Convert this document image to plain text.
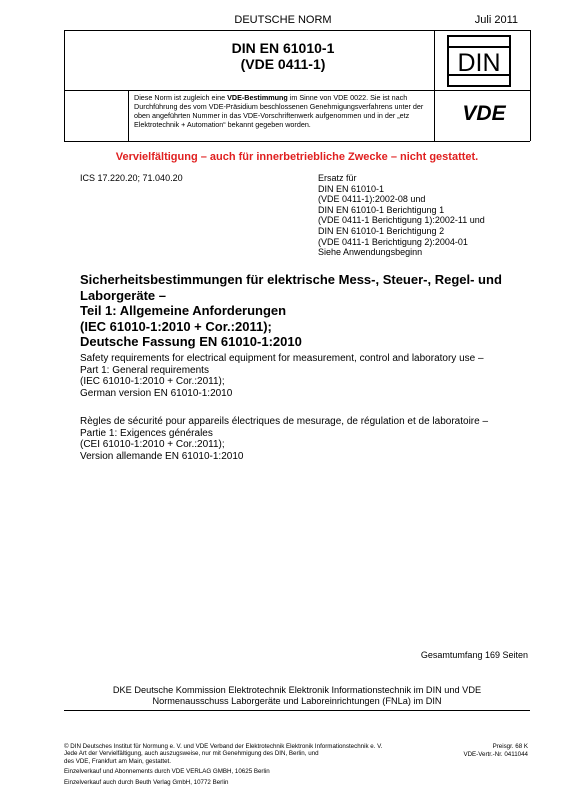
DEUTSCHE NORM	Juli 2011
DIN EN 61010-1
(VDE 0411-1)	DIN
VDE
Diese Norm ist zugleich eine VDE-Bestimmung im Sinne von VDE 0022. Sie ist nach Durchführung des vom VDE-Präsidium beschlossenen Genehmigungsverfahrens unter der oben angeführten Nummer in das VDE-Vorschriftenwerk aufgenommen und in der „etz Elektrotechnik + Automation“ bekannt gegeben worden.
Vervielfältigung – auch für innerbetriebliche Zwecke – nicht gestattet.
ICS 17.220.20; 71.040.20	Ersatz für
DIN EN 61010-1
(VDE 0411-1):2002-08 und
DIN EN 61010-1 Berichtigung 1
(VDE 0411-1 Berichtigung 1):2002-11 und
DIN EN 61010-1 Berichtigung 2
(VDE 0411-1 Berichtigung 2):2004-01
Siehe Anwendungsbeginn
Sicherheitsbestimmungen für elektrische Mess-, Steuer-, Regel- und
Laborgeräte –
Teil 1: Allgemeine Anforderungen
(IEC 61010-1:2010 + Cor.:2011);
Deutsche Fassung EN 61010-1:2010
Safety requirements for electrical equipment for measurement, control and laboratory use –
Part 1: General requirements
(IEC 61010-1:2010 + Cor.:2011);
German version EN 61010-1:2010
Règles de sécurité pour appareils électriques de mesurage, de régulation et de laboratoire –
Partie 1: Exigences générales
(CEI 61010-1:2010 + Cor.:2011);
Version allemande EN 61010-1:2010
Gesamtumfang 169 Seiten
DKE Deutsche Kommission Elektrotechnik Elektronik Informationstechnik im DIN und VDE
Normenausschuss Laborgeräte und Laboreinrichtungen (FNLa) im DIN
© DIN Deutsches Institut für Normung e. V. und VDE Verband der Elektrotechnik Elektronik Informationstechnik e. V.
Jede Art der Vervielfältigung, auch auszugsweise, nur mit Genehmigung des DIN, Berlin, und
des VDE, Frankfurt am Main, gestattet.
Einzelverkauf und Abonnements durch VDE VERLAG GMBH, 10625 Berlin
Einzelverkauf auch durch Beuth Verlag GmbH, 10772 Berlin
Preisgr. 68 K
VDE-Vertr.-Nr. 0411044
